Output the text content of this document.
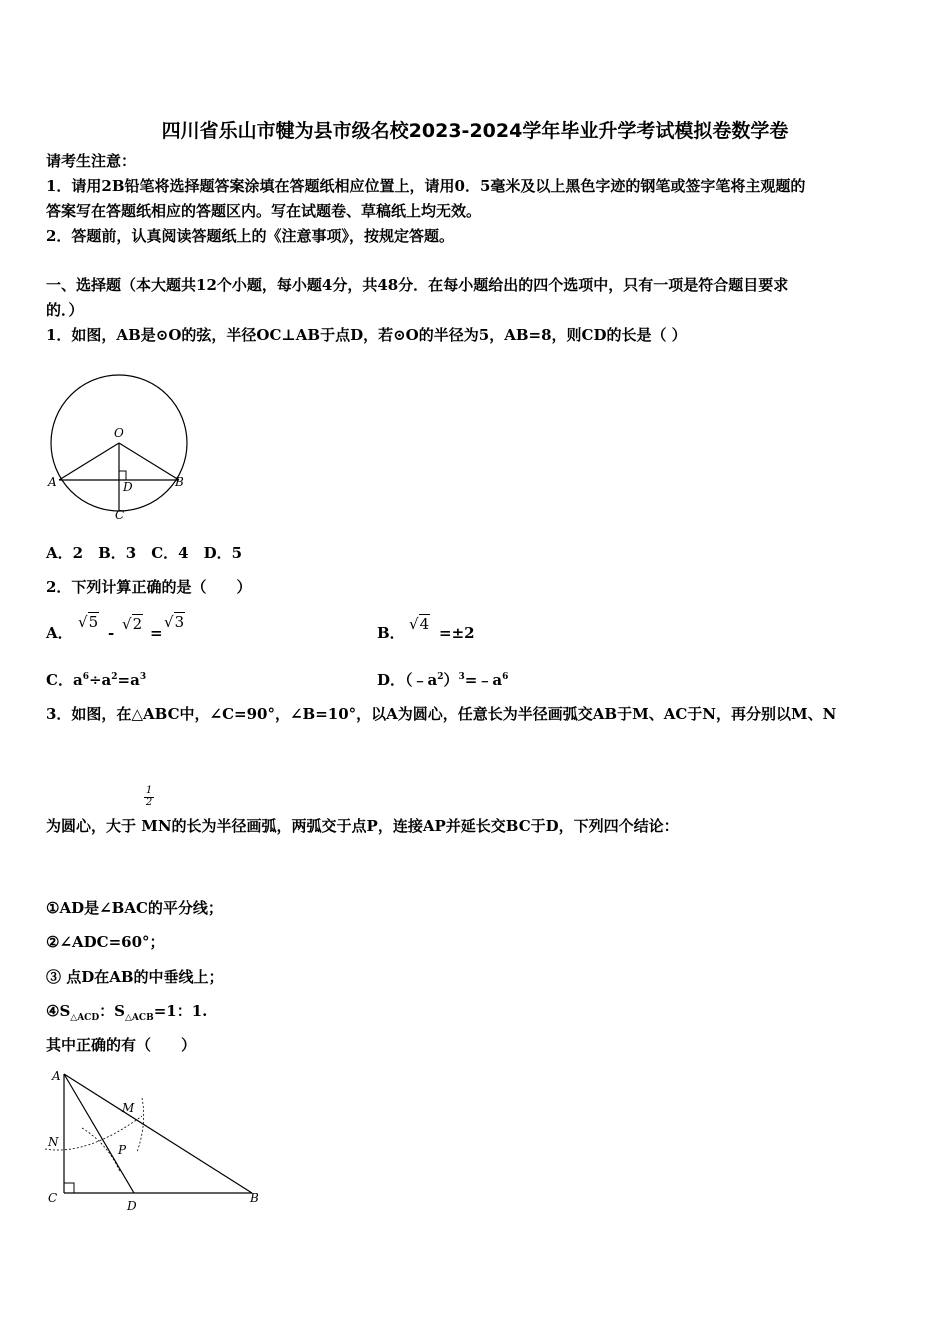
四川省乐山市犍为县市级名校2023-2024学年毕业升学考试模拟卷数学卷
请考生注意：
1．请用2B铅笔将选择题答案涂填在答题纸相应位置上，请用0．5毫米及以上黑色字迹的钢笔或签字笔将主观题的
答案写在答题纸相应的答题区内。写在试题卷、草稿纸上均无效。
2．答题前，认真阅读答题纸上的《注意事项》，按规定答题。
一、选择题（本大题共12个小题，每小题4分，共48分．在每小题给出的四个选项中，只有一项是符合题目要求
的．）
1．如图，AB是⊙O的弦，半径OC⊥AB于点D，若⊙O的半径为5，AB=8，则CD的长是（ ）
O
A	B
D
C
A．2　B．3　C．4　D．5
2．下列计算正确的是（　　）
A．
√5
- √2 =
√3
B． √4 =±2
C．$a^6\div a^2=a^3$	D．$(﹣a^2)^3=﹣a^6$
3．如图，在△ABC中，∠C=90°，∠B=10°，以A为圆心，任意长为半径画弧交AB于M、AC于N，再分别以M、N
$\frac{1}{2}$
为圆心，大于 MN的长为半径画弧，两弧交于点P，连接AP并延长交BC于D，下列四个结论：
①AD是∠BAC的平分线；
②∠ADC=60°；
③ 点D在AB的中垂线上；
$④S_{\triangle ACD}$：$S_{\triangle ACB}=1$：1.
其中正确的有（　　）
A
M
N
P
C
D
B
